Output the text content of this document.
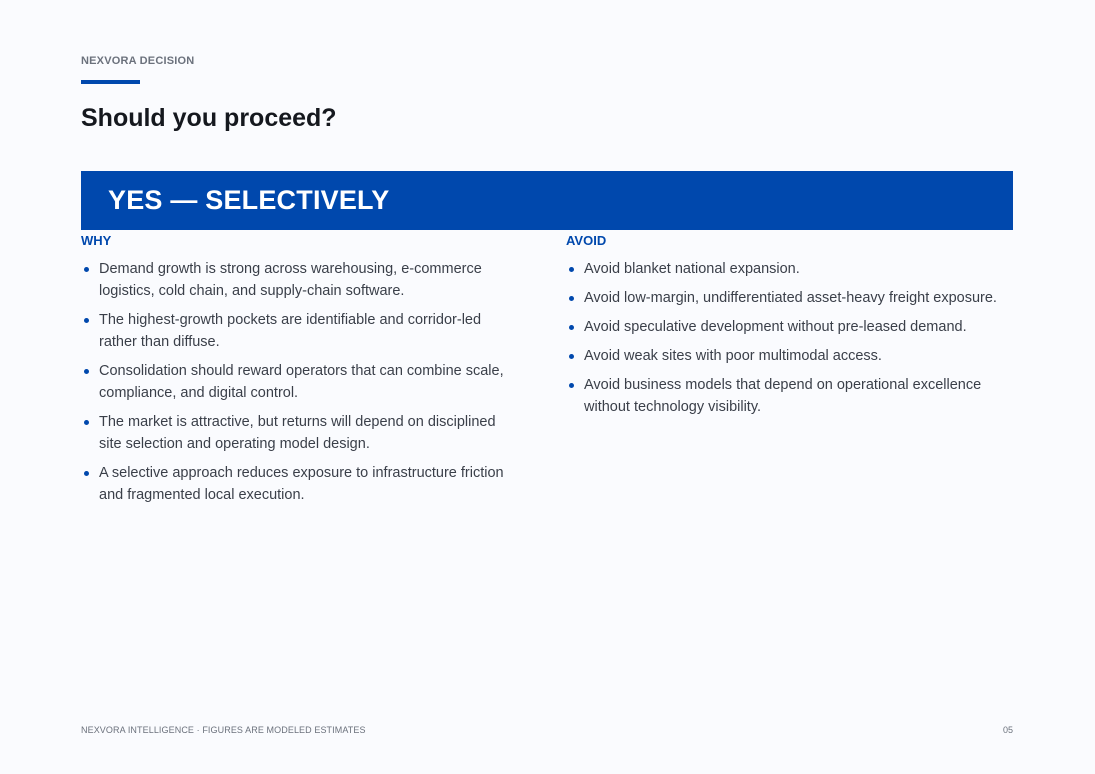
NEXVORA DECISION
Should you proceed?
YES — SELECTIVELY
WHY
Demand growth is strong across warehousing, e-commerce logistics, cold chain, and supply-chain software.
The highest-growth pockets are identifiable and corridor-led rather than diffuse.
Consolidation should reward operators that can combine scale, compliance, and digital control.
The market is attractive, but returns will depend on disciplined site selection and operating model design.
A selective approach reduces exposure to infrastructure friction and fragmented local execution.
AVOID
Avoid blanket national expansion.
Avoid low-margin, undifferentiated asset-heavy freight exposure.
Avoid speculative development without pre-leased demand.
Avoid weak sites with poor multimodal access.
Avoid business models that depend on operational excellence without technology visibility.
NEXVORA INTELLIGENCE · FIGURES ARE MODELED ESTIMATES	05
